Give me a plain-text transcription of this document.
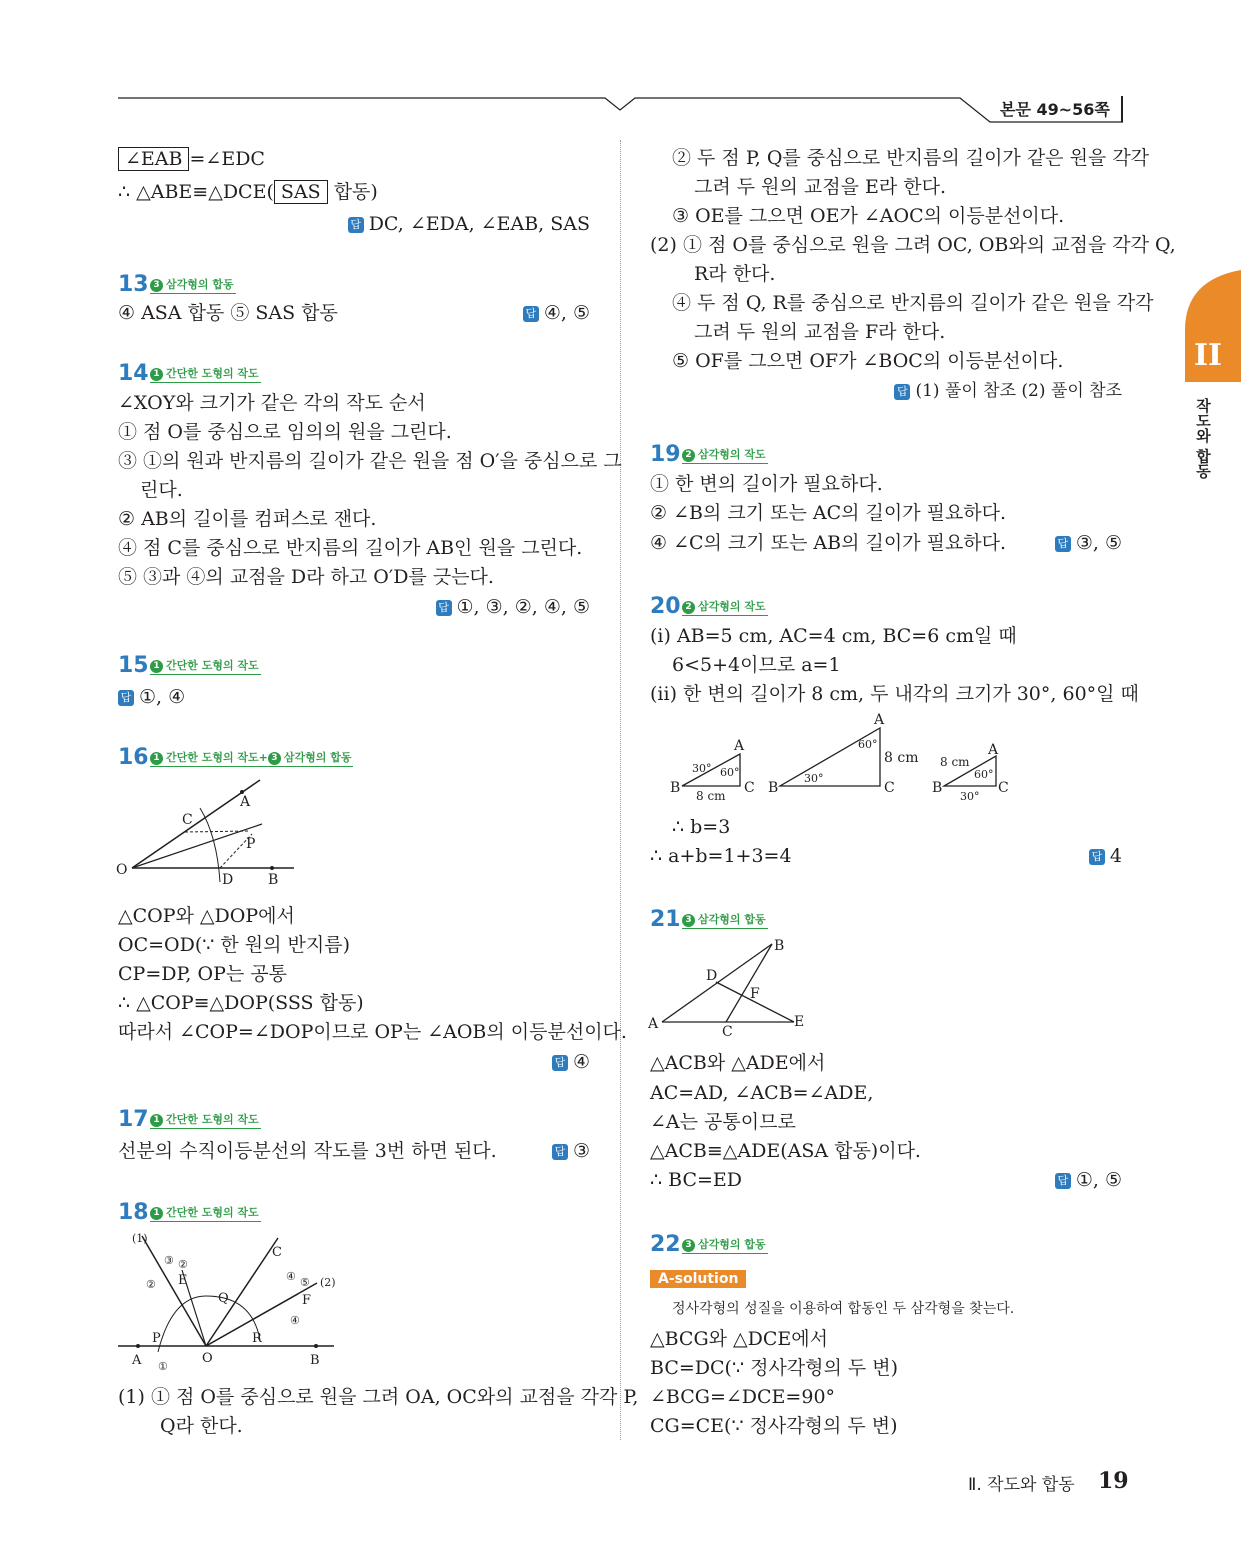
본문 49∼56쪽
II
작도와 합동
∠EAB =∠EDC
∴ △ABE≡△DCE( SAS 합동)
답 DC, ∠EDA, ∠EAB, SAS
13 3 삼각형의 합동
④ ASA 합동 ⑤ SAS 합동	답 ④, ⑤
14 1 간단한 도형의 작도
∠XOY와 크기가 같은 각의 작도 순서
① 점 O를 중심으로 임의의 원을 그린다.
③ ①의 원과 반지름의 길이가 같은 원을 점 O′을 중심으로 그
린다.
② AB의 길이를 컴퍼스로 잰다.
④ 점 C를 중심으로 반지름의 길이가 AB인 원을 그린다.
⑤ ③과 ④의 교점을 D라 하고 O′D를 긋는다.
답 ①, ③, ②, ④, ⑤
15 1 간단한 도형의 작도
답 ①, ④
16 1 간단한 도형의 작도+ 3 삼각형의 합동
O
A
C
P
D B
△COP와 △DOP에서
OC=OD(∵ 한 원의 반지름)
CP=DP, OP는 공통
∴ △COP≡△DOP(SSS 합동)
따라서 ∠COP=∠DOP이므로 OP는 ∠AOB의 이등분선이다.
답 ④
17 1 간단한 도형의 작도
선분의 수직이등분선의 작도를 3번 하면 된다.	답 ③
18 1 간단한 도형의 작도
(1)
③ ②
② E
C
④ ⑤ (2)
F
④
Q
P	R
A	O	B
①
(1) ① 점 O를 중심으로 원을 그려 OA, OC와의 교점을 각각 P,
Q라 한다.
② 두 점 P, Q를 중심으로 반지름의 길이가 같은 원을 각각
그려 두 원의 교점을 E라 한다.
③ OE를 그으면 OE가 ∠AOC의 이등분선이다.
(2) ① 점 O를 중심으로 원을 그려 OC, OB와의 교점을 각각 Q,
R라 한다.
④ 두 점 Q, R를 중심으로 반지름의 길이가 같은 원을 각각
그려 두 원의 교점을 F라 한다.
⑤ OF를 그으면 OF가 ∠BOC의 이등분선이다.
답 (1) 풀이 참조 (2) 풀이 참조
19 2 삼각형의 작도
① 한 변의 길이가 필요하다.
② ∠B의 크기 또는 AC의 길이가 필요하다.
④ ∠C의 크기 또는 AB의 길이가 필요하다.	답 ③, ⑤
20 2 삼각형의 작도
(i) AB=5 cm, AC=4 cm, BC=6 cm일 때
6<5+4이므로 a=1
(ii) 한 변의 길이가 8 cm, 두 내각의 크기가 30°, 60°일 때
A
B	C
30° 60°
8 cm
A
B	C
30°
60°
8 cm	A
B	C
8 cm
60°
30°
∴ b=3
∴ a+b=1+3=4	답 4
21 3 삼각형의 합동
B
D
F
A	C
E
△ACB와 △ADE에서
AC=AD, ∠ACB=∠ADE,
∠A는 공통이므로
△ACB≡△ADE(ASA 합동)이다.
∴ BC=ED	답 ①, ⑤
22 3 삼각형의 합동
A-solution
정사각형의 성질을 이용하여 합동인 두 삼각형을 찾는다.
△BCG와 △DCE에서
BC=DC(∵ 정사각형의 두 변)
∠BCG=∠DCE=90°
CG=CE(∵ 정사각형의 두 변)
Ⅱ. 작도와 합동 19
